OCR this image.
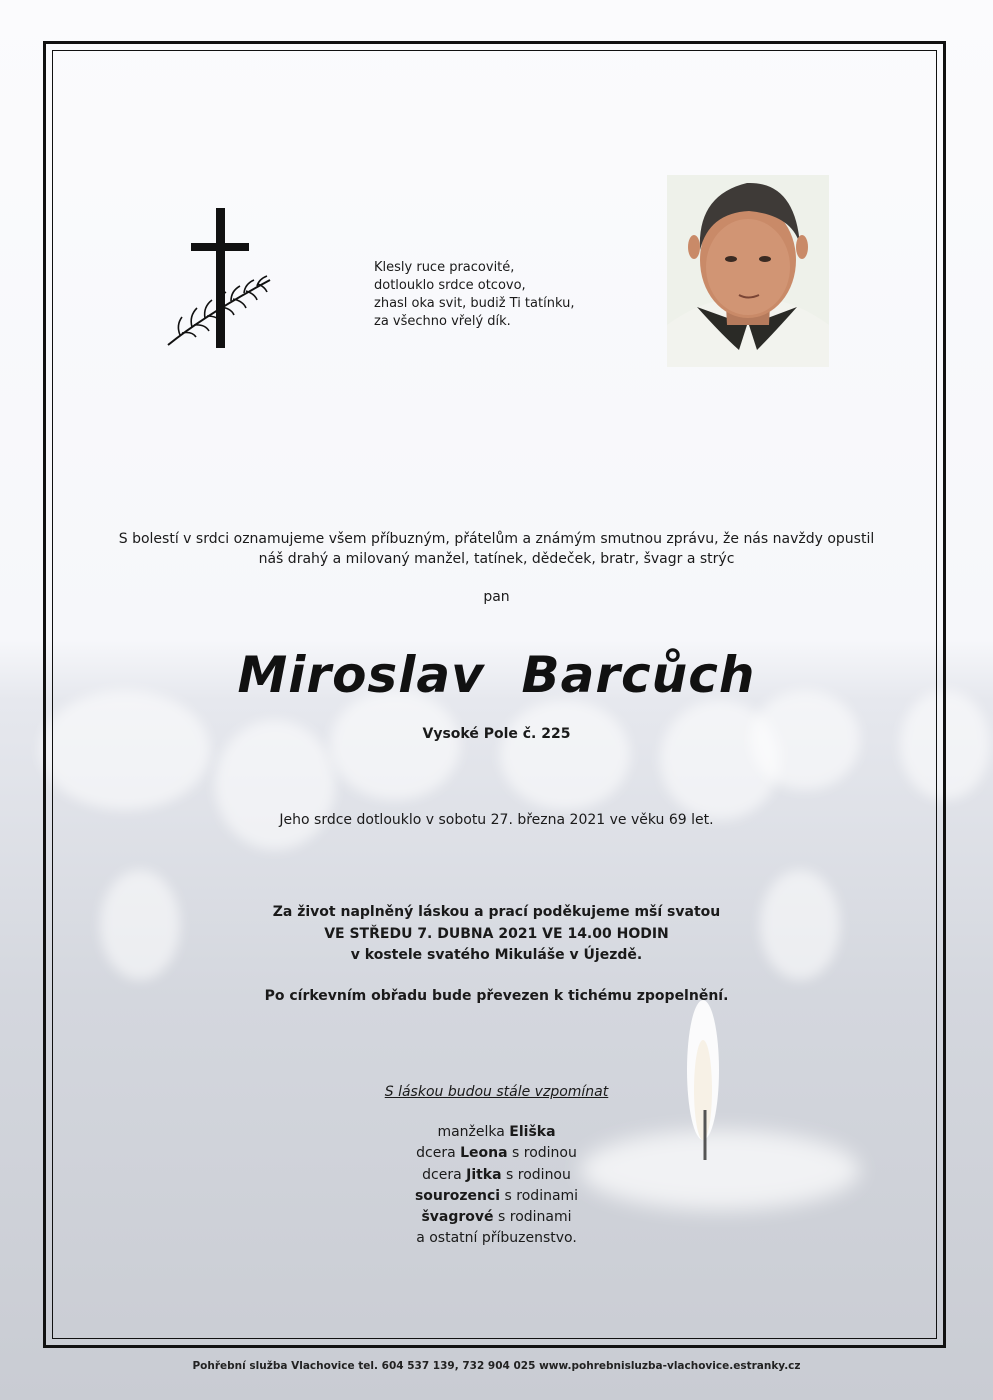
Klesly ruce pracovité,
dotlouklo srdce otcovo,
zhasl oka svit, budiž Ti tatínku,
za všechno vřelý dík.
S bolestí v srdci oznamujeme všem příbuzným, přátelům a známým smutnou zprávu, že nás navždy opustil
náš drahý a milovaný manžel, tatínek, dědeček, bratr, švagr a strýc
pan
Miroslav  Barcůch
Vysoké Pole č. 225
Jeho srdce dotlouklo v sobotu 27. března 2021 ve věku 69 let.
Za život naplněný láskou a prací poděkujeme mší svatou
VE STŘEDU 7. DUBNA 2021 VE 14.00 HODIN
v kostele svatého Mikuláše v Újezdě.
Po církevním obřadu bude převezen k tichému zpopelnění.
S láskou budou stále vzpomínat
manželka Eliška
dcera Leona s rodinou
dcera Jitka s rodinou
sourozenci s rodinami
švagrové s rodinami
a ostatní příbuzenstvo.
Pohřební služba Vlachovice tel. 604 537 139, 732 904 025 www.pohrebnisluzba-vlachovice.estranky.cz
